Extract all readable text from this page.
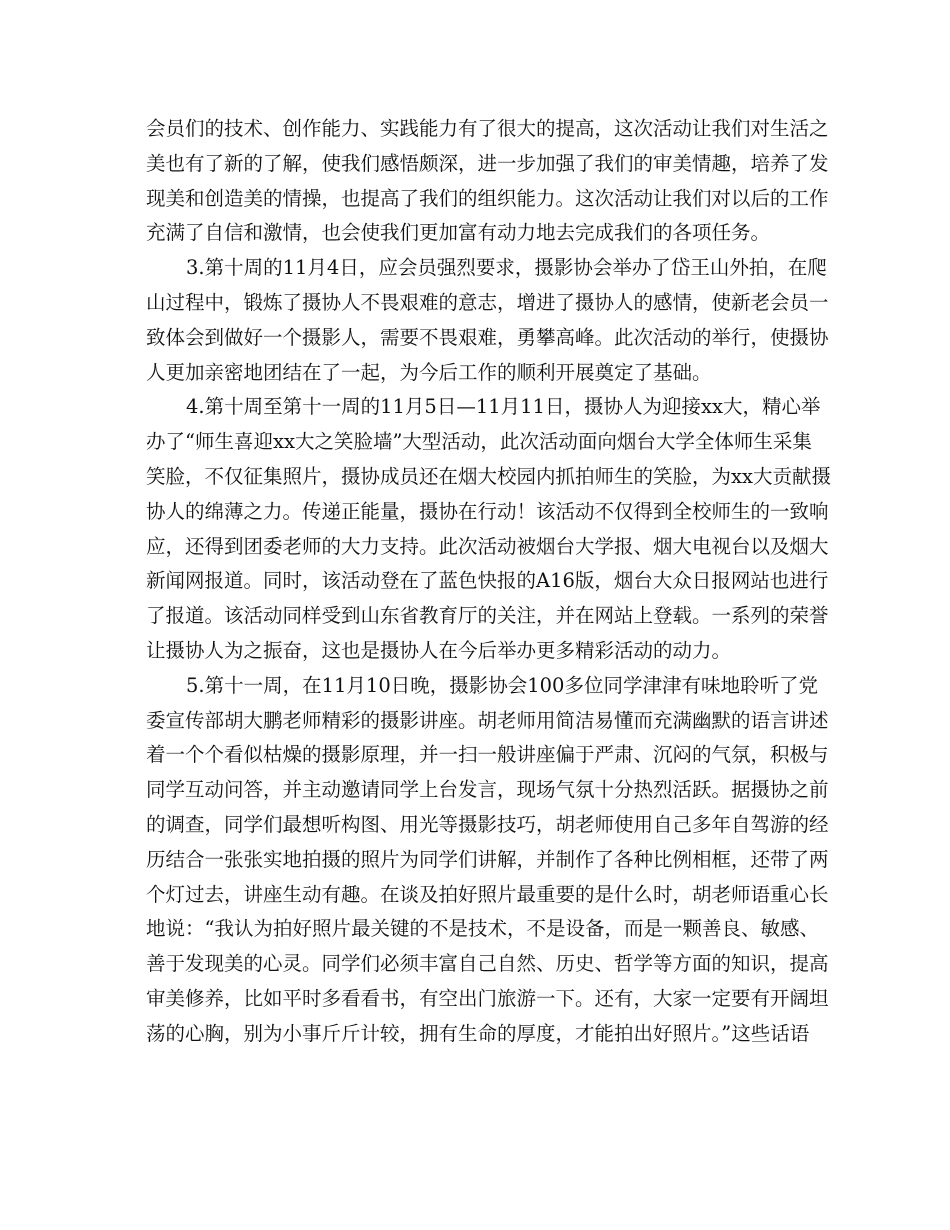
会员们的技术、创作能力、实践能力有了很大的提高，这次活动让我们对生活之
美也有了新的了解，使我们感悟颇深，进一步加强了我们的审美情趣，培养了发
现美和创造美的情操，也提高了我们的组织能力。这次活动让我们对以后的工作
充满了自信和激情，也会使我们更加富有动力地去完成我们的各项任务。
3.第十周的11月4日，应会员强烈要求，摄影协会举办了岱王山外拍，在爬
山过程中，锻炼了摄协人不畏艰难的意志，增进了摄协人的感情，使新老会员一
致体会到做好一个摄影人，需要不畏艰难，勇攀高峰。此次活动的举行，使摄协
人更加亲密地团结在了一起，为今后工作的顺利开展奠定了基础。
4.第十周至第十一周的11月5日—11月11日，摄协人为迎接xx大，精心举
办了“师生喜迎xx大之笑脸墙”大型活动，此次活动面向烟台大学全体师生采集
笑脸，不仅征集照片，摄协成员还在烟大校园内抓拍师生的笑脸，为xx大贡献摄
协人的绵薄之力。传递正能量，摄协在行动！该活动不仅得到全校师生的一致响
应，还得到团委老师的大力支持。此次活动被烟台大学报、烟大电视台以及烟大
新闻网报道。同时，该活动登在了蓝色快报的A16版，烟台大众日报网站也进行
了报道。该活动同样受到山东省教育厅的关注，并在网站上登载。一系列的荣誉
让摄协人为之振奋，这也是摄协人在今后举办更多精彩活动的动力。
5.第十一周，在11月10日晚，摄影协会100多位同学津津有味地聆听了党
委宣传部胡大鹏老师精彩的摄影讲座。胡老师用简洁易懂而充满幽默的语言讲述
着一个个看似枯燥的摄影原理，并一扫一般讲座偏于严肃、沉闷的气氛，积极与
同学互动问答，并主动邀请同学上台发言，现场气氛十分热烈活跃。据摄协之前
的调查，同学们最想听构图、用光等摄影技巧，胡老师使用自己多年自驾游的经
历结合一张张实地拍摄的照片为同学们讲解，并制作了各种比例相框，还带了两
个灯过去，讲座生动有趣。在谈及拍好照片最重要的是什么时，胡老师语重心长
地说：“我认为拍好照片最关键的不是技术，不是设备，而是一颗善良、敏感、
善于发现美的心灵。同学们必须丰富自己自然、历史、哲学等方面的知识，提高
审美修养，比如平时多看看书，有空出门旅游一下。还有，大家一定要有开阔坦
荡的心胸，别为小事斤斤计较，拥有生命的厚度，才能拍出好照片。”这些话语
